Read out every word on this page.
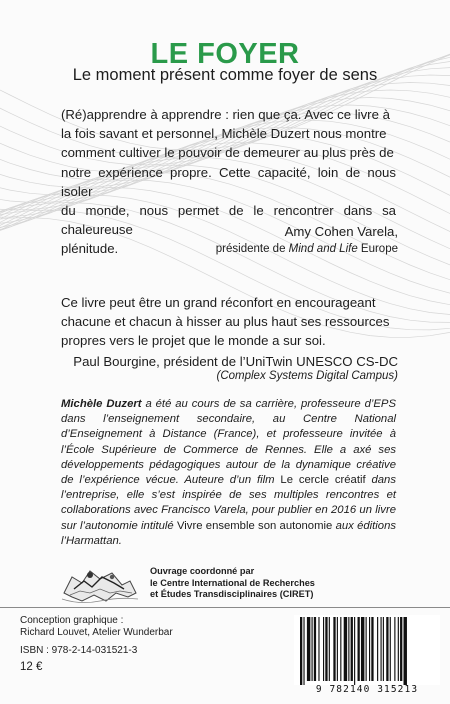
LE FOYER
Le moment présent comme foyer de sens
(Ré)apprendre à apprendre : rien que ça. Avec ce livre à
la fois savant et personnel, Michèle Duzert nous montre
comment cultiver le pouvoir de demeurer au plus près de
notre expérience propre. Cette capacité, loin de nous isoler
du monde, nous permet de le rencontrer dans sa chaleureuse
plénitude.
Amy Cohen Varela,
présidente de Mind and Life Europe
Ce livre peut être un grand réconfort en encourageant
chacune et chacun à hisser au plus haut ses ressources
propres vers le projet que le monde a sur soi.
Paul Bourgine, président de l’UniTwin UNESCO CS-DC
(Complex Systems Digital Campus)
Michèle Duzert a été au cours de sa carrière, professeure d’EPS dans l’enseignement secondaire, au Centre National d’Enseignement à Distance (France), et professeure invitée à l’École Supérieure de Commerce de Rennes. Elle a axé ses développements pédagogiques autour de la dynamique créative de l’expérience vécue. Auteure d’un film Le cercle créatif dans l’entreprise, elle s’est inspirée de ses multiples rencontres et collaborations avec Francisco Varela, pour publier en 2016 un livre sur l’autonomie intitulé Vivre ensemble son autonomie aux éditions l’Harmattan.
Ouvrage coordonné par
le Centre International de Recherches
et Études Transdisciplinaires (CIRET)
Conception graphique :
Richard Louvet, Atelier Wunderbar
ISBN : 978-2-14-031521-3
12 €
9 782140 315213
